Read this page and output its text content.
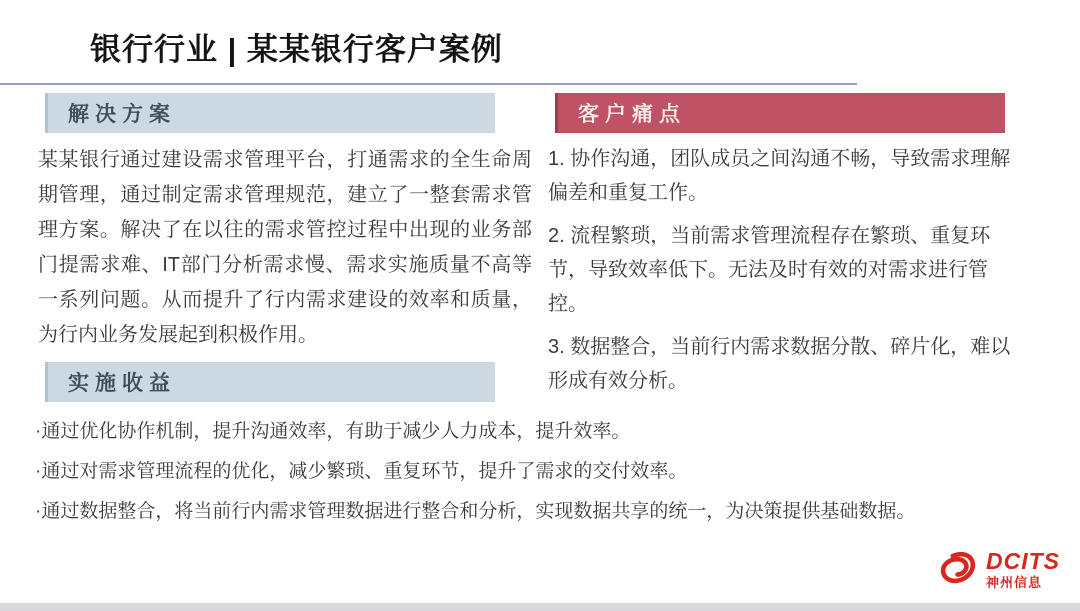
银行行业 | 某某银行客户案例
解决方案
某某银行通过建设需求管理平台，打通需求的全生命周期管理，通过制定需求管理规范，建立了一整套需求管理方案。解决了在以往的需求管控过程中出现的业务部门提需求难、IT部门分析需求慢、需求实施质量不高等一系列问题。从而提升了行内需求建设的效率和质量，为行内业务发展起到积极作用。
客户痛点

1. 协作沟通，团队成员之间沟通不畅，导致需求理解偏差和重复工作。

2. 流程繁琐，当前需求管理流程存在繁琐、重复环节，导致效率低下。无法及时有效的对需求进行管控。

3. 数据整合，当前行内需求数据分散、碎片化，难以形成有效分析。

实施收益

·通过优化协作机制，提升沟通效率，有助于减少人力成本，提升效率。

·通过对需求管理流程的优化，减少繁琐、重复环节，提升了需求的交付效率。

·通过数据整合，将当前行内需求管理数据进行整合和分析，实现数据共享的统一，为决策提供基础数据。

DCITS
神州信息
